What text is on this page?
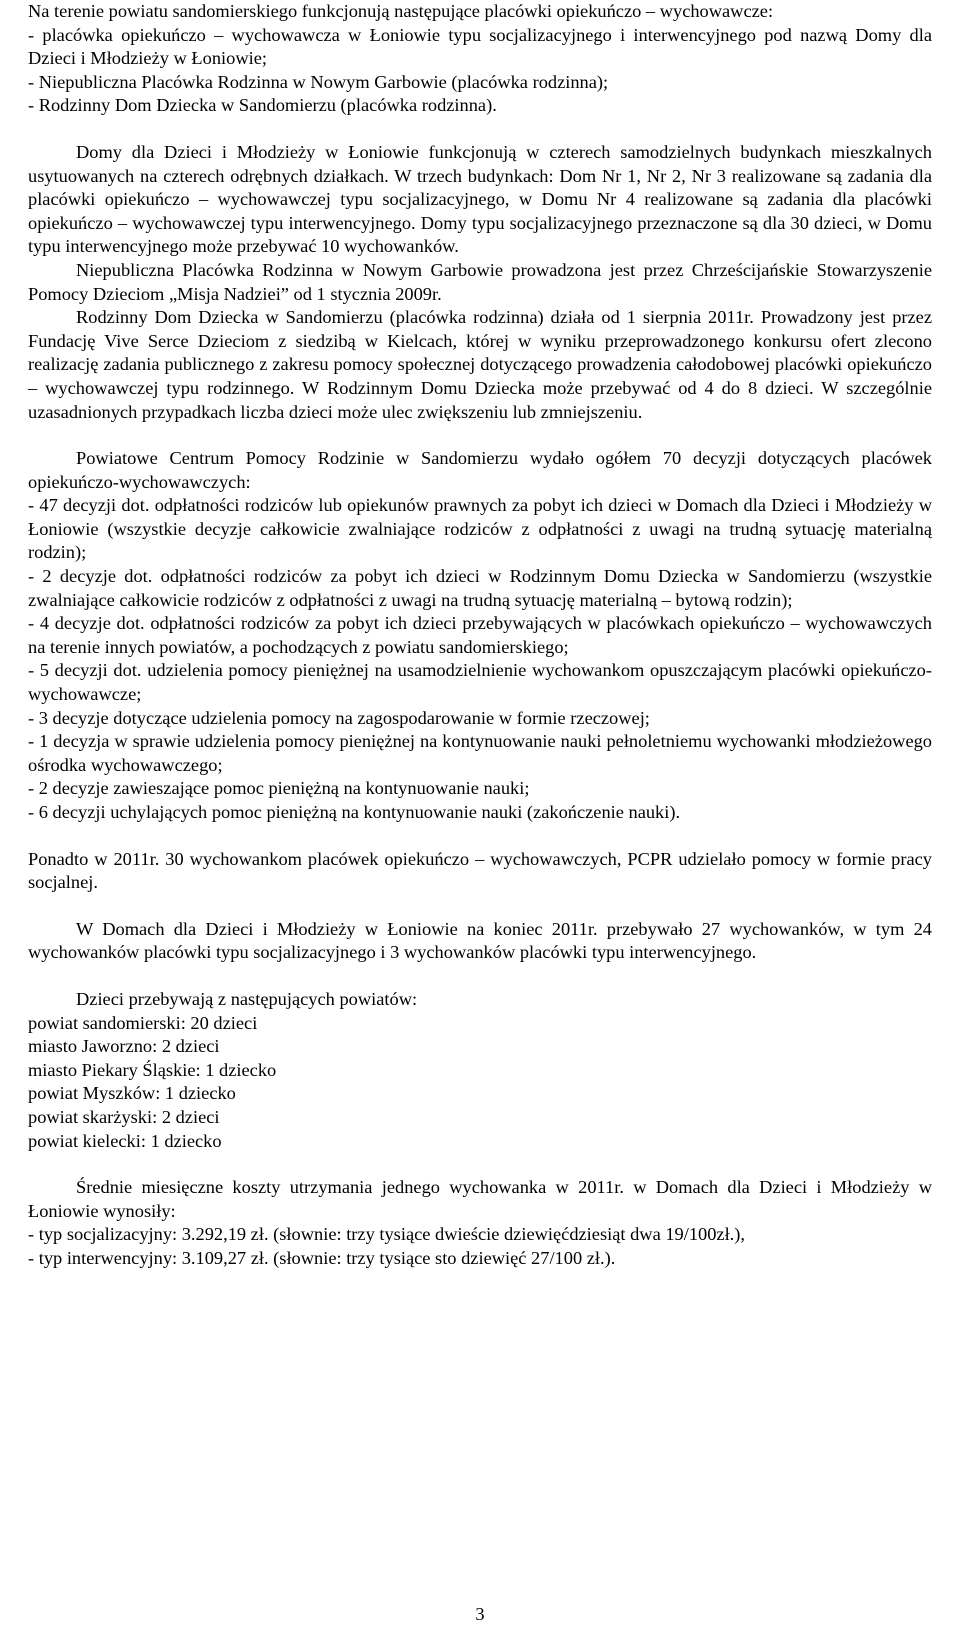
Na terenie powiatu sandomierskiego funkcjonują następujące placówki opiekuńczo – wychowawcze:

- placówka opiekuńczo – wychowawcza w Łoniowie typu socjalizacyjnego i interwencyjnego pod nazwą Domy dla Dzieci i Młodzieży w Łoniowie;

- Niepubliczna Placówka Rodzinna w Nowym Garbowie (placówka rodzinna);

- Rodzinny Dom Dziecka w Sandomierzu (placówka rodzinna).

Domy dla Dzieci i Młodzieży w Łoniowie funkcjonują w czterech samodzielnych budynkach mieszkalnych usytuowanych na czterech odrębnych działkach. W trzech budynkach: Dom Nr 1, Nr 2, Nr 3 realizowane są zadania dla placówki opiekuńczo – wychowawczej typu socjalizacyjnego, w Domu Nr 4 realizowane są zadania dla placówki opiekuńczo – wychowawczej typu interwencyjnego. Domy typu socjalizacyjnego przeznaczone są dla 30 dzieci, w Domu typu interwencyjnego może przebywać 10 wychowanków.

Niepubliczna Placówka Rodzinna w Nowym Garbowie prowadzona jest przez Chrześcijańskie Stowarzyszenie Pomocy Dzieciom „Misja Nadziei” od 1 stycznia 2009r.

Rodzinny Dom Dziecka w Sandomierzu (placówka rodzinna) działa od 1 sierpnia 2011r. Prowadzony jest przez Fundację Vive Serce Dzieciom z siedzibą w Kielcach, której w wyniku przeprowadzonego konkursu ofert zlecono realizację zadania publicznego z zakresu pomocy społecznej dotyczącego prowadzenia całodobowej placówki opiekuńczo – wychowawczej typu rodzinnego. W Rodzinnym Domu Dziecka może przebywać od 4 do 8 dzieci. W szczególnie uzasadnionych przypadkach liczba dzieci może ulec zwiększeniu lub zmniejszeniu.

Powiatowe Centrum Pomocy Rodzinie w Sandomierzu wydało ogółem 70 decyzji dotyczących placówek opiekuńczo-wychowawczych:

- 47 decyzji dot. odpłatności rodziców lub opiekunów prawnych za pobyt ich dzieci w Domach dla Dzieci i Młodzieży w Łoniowie (wszystkie decyzje całkowicie zwalniające rodziców z odpłatności z uwagi na trudną sytuację materialną rodzin);

- 2 decyzje dot. odpłatności rodziców za pobyt ich dzieci w Rodzinnym Domu Dziecka w Sandomierzu (wszystkie zwalniające całkowicie rodziców z odpłatności z uwagi na trudną sytuację materialną – bytową rodzin);

- 4 decyzje dot. odpłatności rodziców za pobyt ich dzieci przebywających w placówkach opiekuńczo – wychowawczych na terenie innych powiatów, a pochodzących z powiatu sandomierskiego;

- 5 decyzji dot. udzielenia pomocy pieniężnej na usamodzielnienie wychowankom opuszczającym placówki opiekuńczo-wychowawcze;

- 3 decyzje dotyczące udzielenia pomocy na zagospodarowanie w formie rzeczowej;

- 1 decyzja w sprawie udzielenia pomocy pieniężnej na kontynuowanie nauki pełnoletniemu wychowanki młodzieżowego ośrodka wychowawczego;

- 2 decyzje zawieszające pomoc pieniężną na kontynuowanie nauki;

- 6 decyzji uchylających pomoc pieniężną na kontynuowanie nauki (zakończenie nauki).

Ponadto w 2011r. 30 wychowankom placówek opiekuńczo – wychowawczych, PCPR udzielało pomocy w formie pracy socjalnej.

W Domach dla Dzieci i Młodzieży w Łoniowie na koniec 2011r. przebywało 27 wychowanków, w tym 24 wychowanków placówki typu socjalizacyjnego i 3 wychowanków placówki typu interwencyjnego.

Dzieci przebywają z następujących powiatów:

powiat sandomierski: 20 dzieci

miasto Jaworzno: 2 dzieci

miasto Piekary Śląskie: 1 dziecko

powiat Myszków: 1 dziecko

powiat skarżyski: 2 dzieci

powiat kielecki: 1 dziecko

Średnie miesięczne koszty utrzymania jednego wychowanka w 2011r. w Domach dla Dzieci i Młodzieży w Łoniowie wynosiły:

- typ socjalizacyjny: 3.292,19 zł. (słownie: trzy tysiące dwieście dziewięćdziesiąt dwa 19/100zł.),

- typ interwencyjny: 3.109,27 zł. (słownie: trzy tysiące sto dziewięć 27/100 zł.).

3
